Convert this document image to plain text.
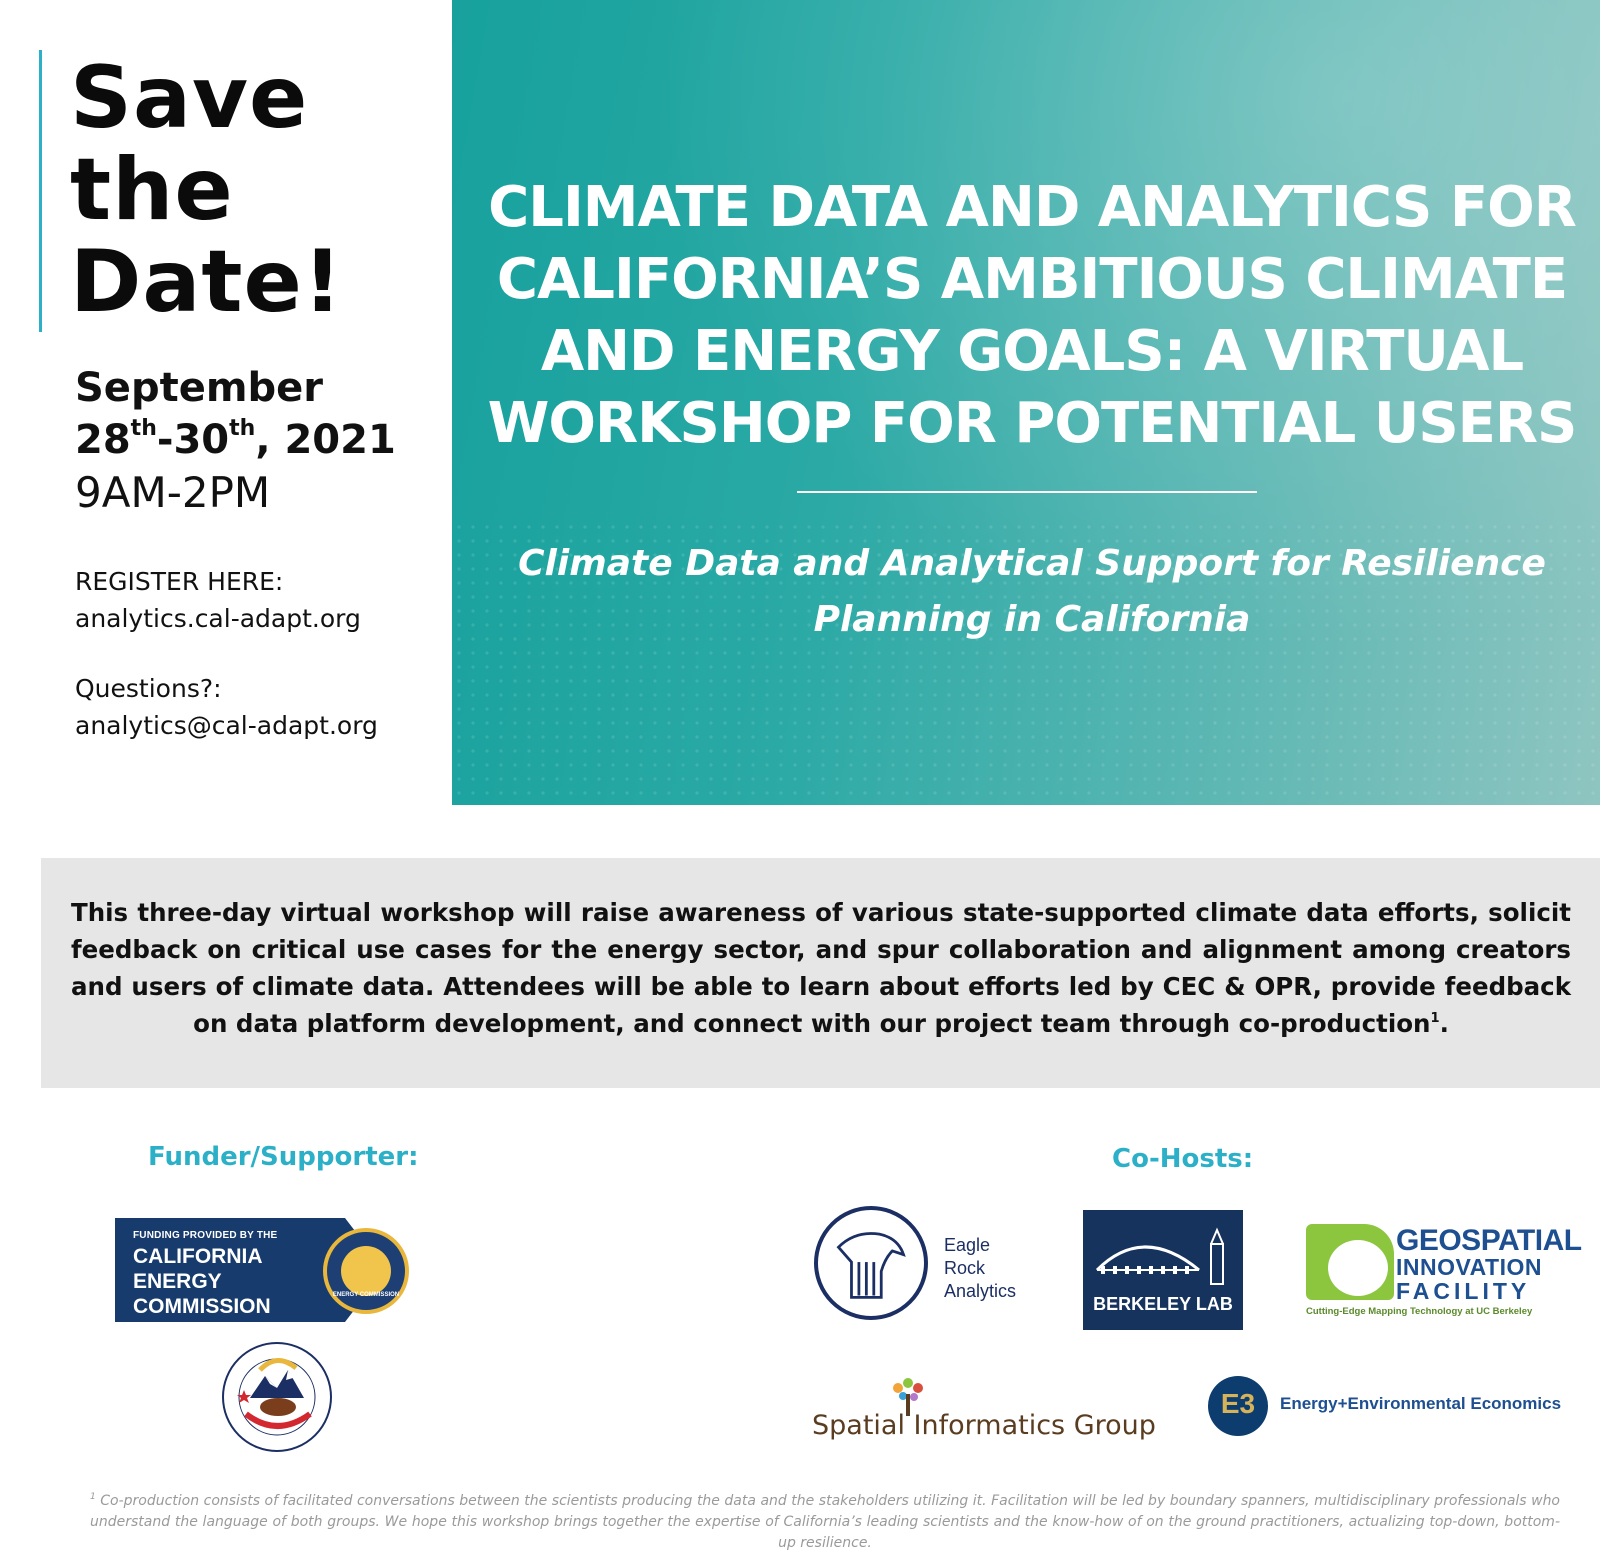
Save
the
Date!
September
28th-30th, 2021
9AM-2PM
REGISTER HERE:
analytics.cal-adapt.org
Questions?:
analytics@cal-adapt.org
CLIMATE DATA AND ANALYTICS FOR CALIFORNIA’S AMBITIOUS CLIMATE AND ENERGY GOALS: A VIRTUAL WORKSHOP FOR POTENTIAL USERS

Climate Data and Analytical Support for Resilience Planning in California

This three-day virtual workshop will raise awareness of various state-supported climate data efforts, solicit feedback on critical use cases for the energy sector, and spur collaboration and alignment among creators and users of climate data. Attendees will be able to learn about efforts led by CEC & OPR, provide feedback on data platform development, and connect with our project team through co-production$^1$.

Funder/Supporter:	Co-Hosts:
FUNDING PROVIDED BY THE
CALIFORNIA
ENERGY
COMMISSION	ENERGY COMMISSION
Eagle
Rock
Analytics
BERKELEY LAB
GEOSPATIAL
INNOVATION
FACILITY
Cutting-Edge Mapping Technology at UC Berkeley
Spatial Informatics Group
E3	Energy+Environmental Economics

$^1$ Co-production consists of facilitated conversations between the scientists producing the data and the stakeholders utilizing it. Facilitation will be led by boundary spanners, multidisciplinary professionals who understand the language of both groups. We hope this workshop brings together the expertise of California’s leading scientists and the know-how of on the ground practitioners, actualizing top-down, bottom-up resilience.
